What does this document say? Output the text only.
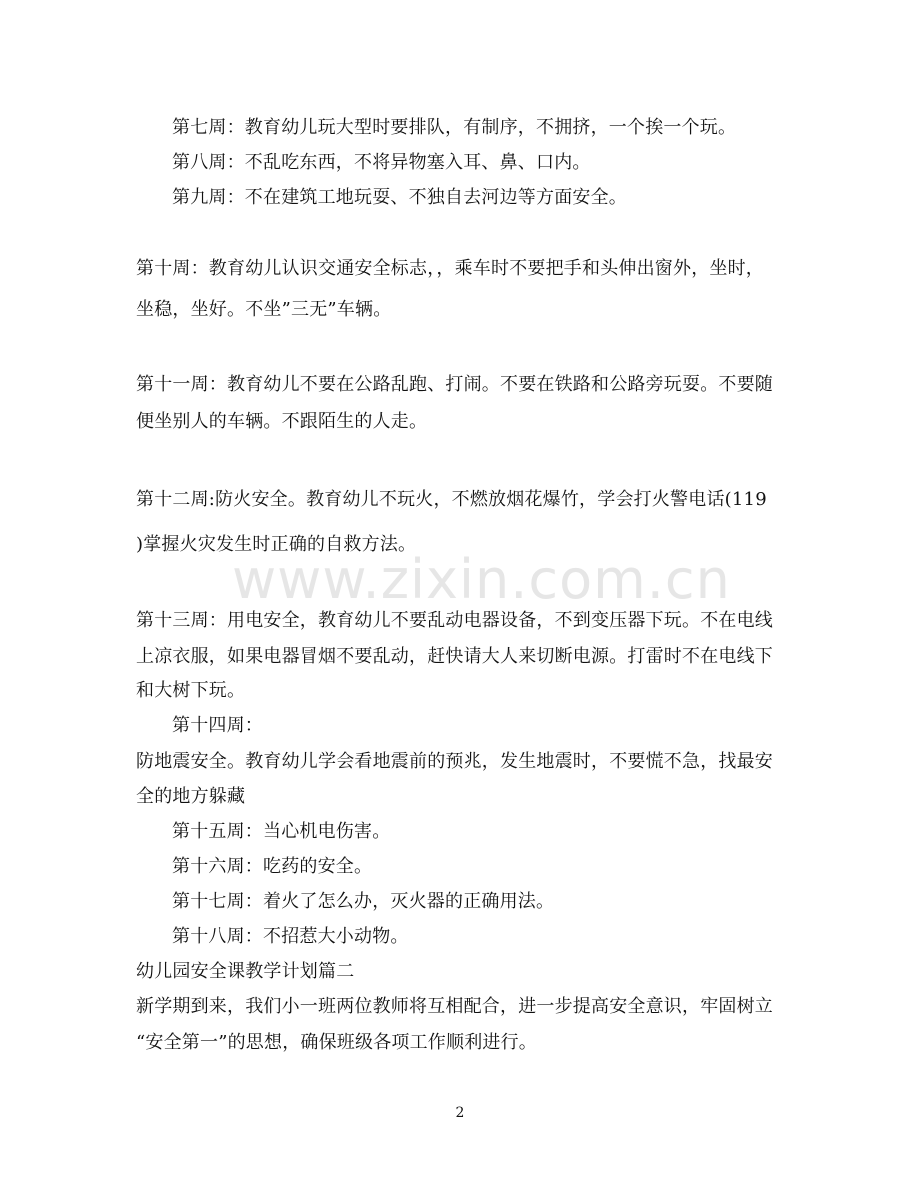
第七周：教育幼儿玩大型时要排队，有制序，不拥挤，一个挨一个玩。
第八周：不乱吃东西，不将异物塞入耳、鼻、口内。
第九周：不在建筑工地玩耍、不独自去河边等方面安全。
第十周：教育幼儿认识交通安全标志，，乘车时不要把手和头伸出窗外，坐时，
坐稳，坐好。不坐”三无”车辆。
第十一周：教育幼儿不要在公路乱跑、打闹。不要在铁路和公路旁玩耍。不要随
便坐别人的车辆。不跟陌生的人走。
第十二周:防火安全。教育幼儿不玩火，不燃放烟花爆竹，学会打火警电话(119
)掌握火灾发生时正确的自救方法。
www.zixin.com.cn
第十三周：用电安全，教育幼儿不要乱动电器设备，不到变压器下玩。不在电线
上凉衣服，如果电器冒烟不要乱动，赶快请大人来切断电源。打雷时不在电线下
和大树下玩。
第十四周：
防地震安全。教育幼儿学会看地震前的预兆，发生地震时，不要慌不急，找最安
全的地方躲藏
第十五周：当心机电伤害。
第十六周：吃药的安全。
第十七周：着火了怎么办，灭火器的正确用法。
第十八周：不招惹大小动物。
幼儿园安全课教学计划篇二
新学期到来，我们小一班两位教师将互相配合，进一步提高安全意识，牢固树立
“安全第一”的思想，确保班级各项工作顺利进行。
2
